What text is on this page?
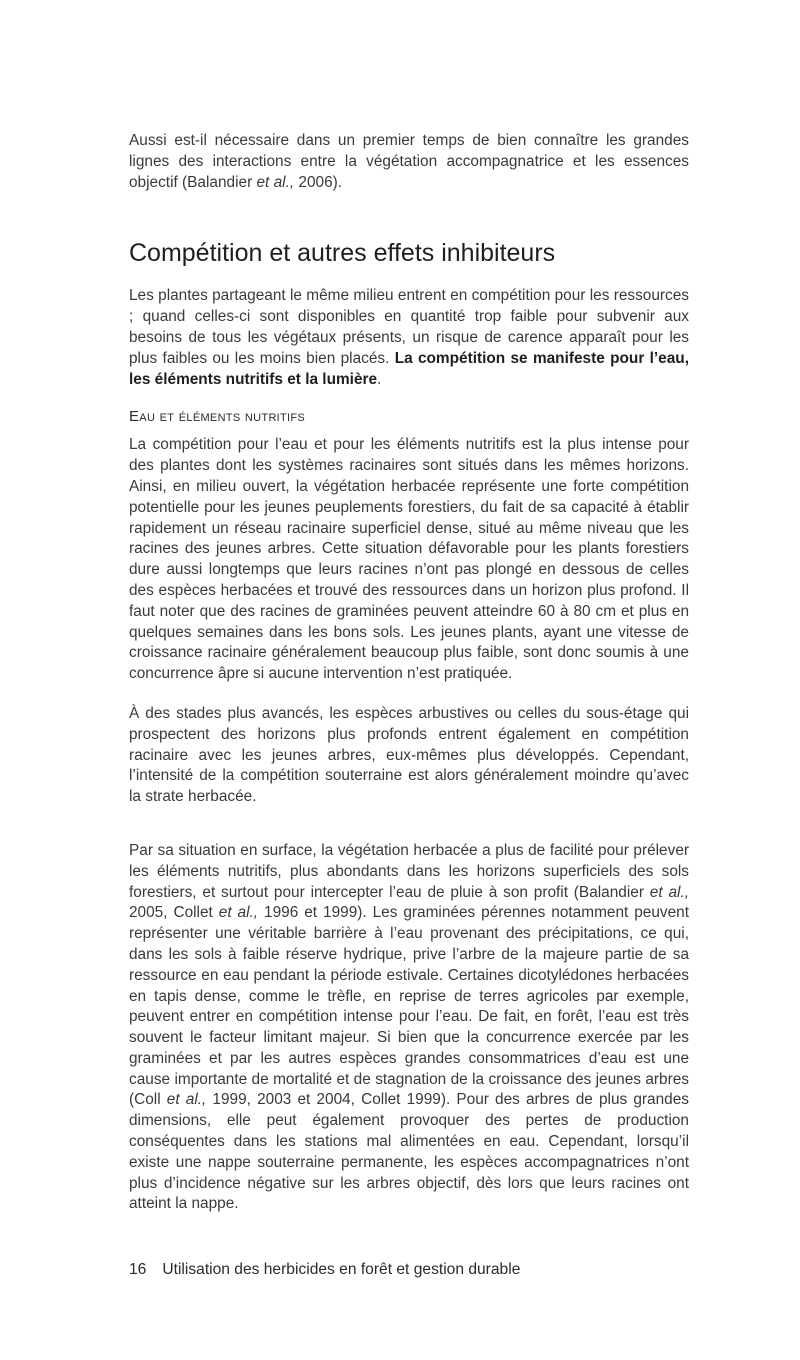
Aussi est-il nécessaire dans un premier temps de bien connaître les grandes lignes des interactions entre la végétation accompagnatrice et les essences objectif (Balandier et al., 2006).

Compétition et autres effets inhibiteurs

Les plantes partageant le même milieu entrent en compétition pour les ressources ; quand celles-ci sont disponibles en quantité trop faible pour subvenir aux besoins de tous les végétaux présents, un risque de carence apparaît pour les plus faibles ou les moins bien placés. La compétition se manifeste pour l’eau, les éléments nutritifs et la lumière.

Eau et éléments nutritifs

La compétition pour l’eau et pour les éléments nutritifs est la plus intense pour des plantes dont les systèmes racinaires sont situés dans les mêmes horizons. Ainsi, en milieu ouvert, la végétation herbacée représente une forte compétition potentielle pour les jeunes peuplements forestiers, du fait de sa capacité à établir rapidement un réseau racinaire superficiel dense, situé au même niveau que les racines des jeunes arbres. Cette situation défavorable pour les plants forestiers dure aussi longtemps que leurs racines n’ont pas plongé en dessous de celles des espèces herbacées et trouvé des ressources dans un horizon plus profond. Il faut noter que des racines de graminées peuvent atteindre 60 à 80 cm et plus en quelques semaines dans les bons sols. Les jeunes plants, ayant une vitesse de croissance racinaire généralement beaucoup plus faible, sont donc soumis à une concurrence âpre si aucune intervention n’est pratiquée.

À des stades plus avancés, les espèces arbustives ou celles du sous-étage qui prospectent des horizons plus profonds entrent également en compétition racinaire avec les jeunes arbres, eux-mêmes plus développés. Cependant, l’intensité de la compétition souterraine est alors généralement moindre qu’avec la strate herbacée.

Par sa situation en surface, la végétation herbacée a plus de facilité pour prélever les éléments nutritifs, plus abondants dans les horizons superficiels des sols forestiers, et surtout pour intercepter l’eau de pluie à son profit (Balandier et al., 2005, Collet et al., 1996 et 1999). Les graminées pérennes notamment peuvent représenter une véritable barrière à l’eau provenant des précipitations, ce qui, dans les sols à faible réserve hydrique, prive l’arbre de la majeure partie de sa ressource en eau pendant la période estivale. Certaines dicotylédones herbacées en tapis dense, comme le trèfle, en reprise de terres agricoles par exemple, peuvent entrer en compétition intense pour l’eau. De fait, en forêt, l’eau est très souvent le facteur limitant majeur. Si bien que la concurrence exercée par les graminées et par les autres espèces grandes consommatrices d’eau est une cause importante de mortalité et de stagnation de la croissance des jeunes arbres (Coll et al., 1999, 2003 et 2004, Collet 1999). Pour des arbres de plus grandes dimensions, elle peut également provoquer des pertes de production conséquentes dans les stations mal alimentées en eau. Cependant, lorsqu’il existe une nappe souterraine permanente, les espèces accompagnatrices n’ont plus d’incidence négative sur les arbres objectif, dès lors que leurs racines ont atteint la nappe.

16 Utilisation des herbicides en forêt et gestion durable
